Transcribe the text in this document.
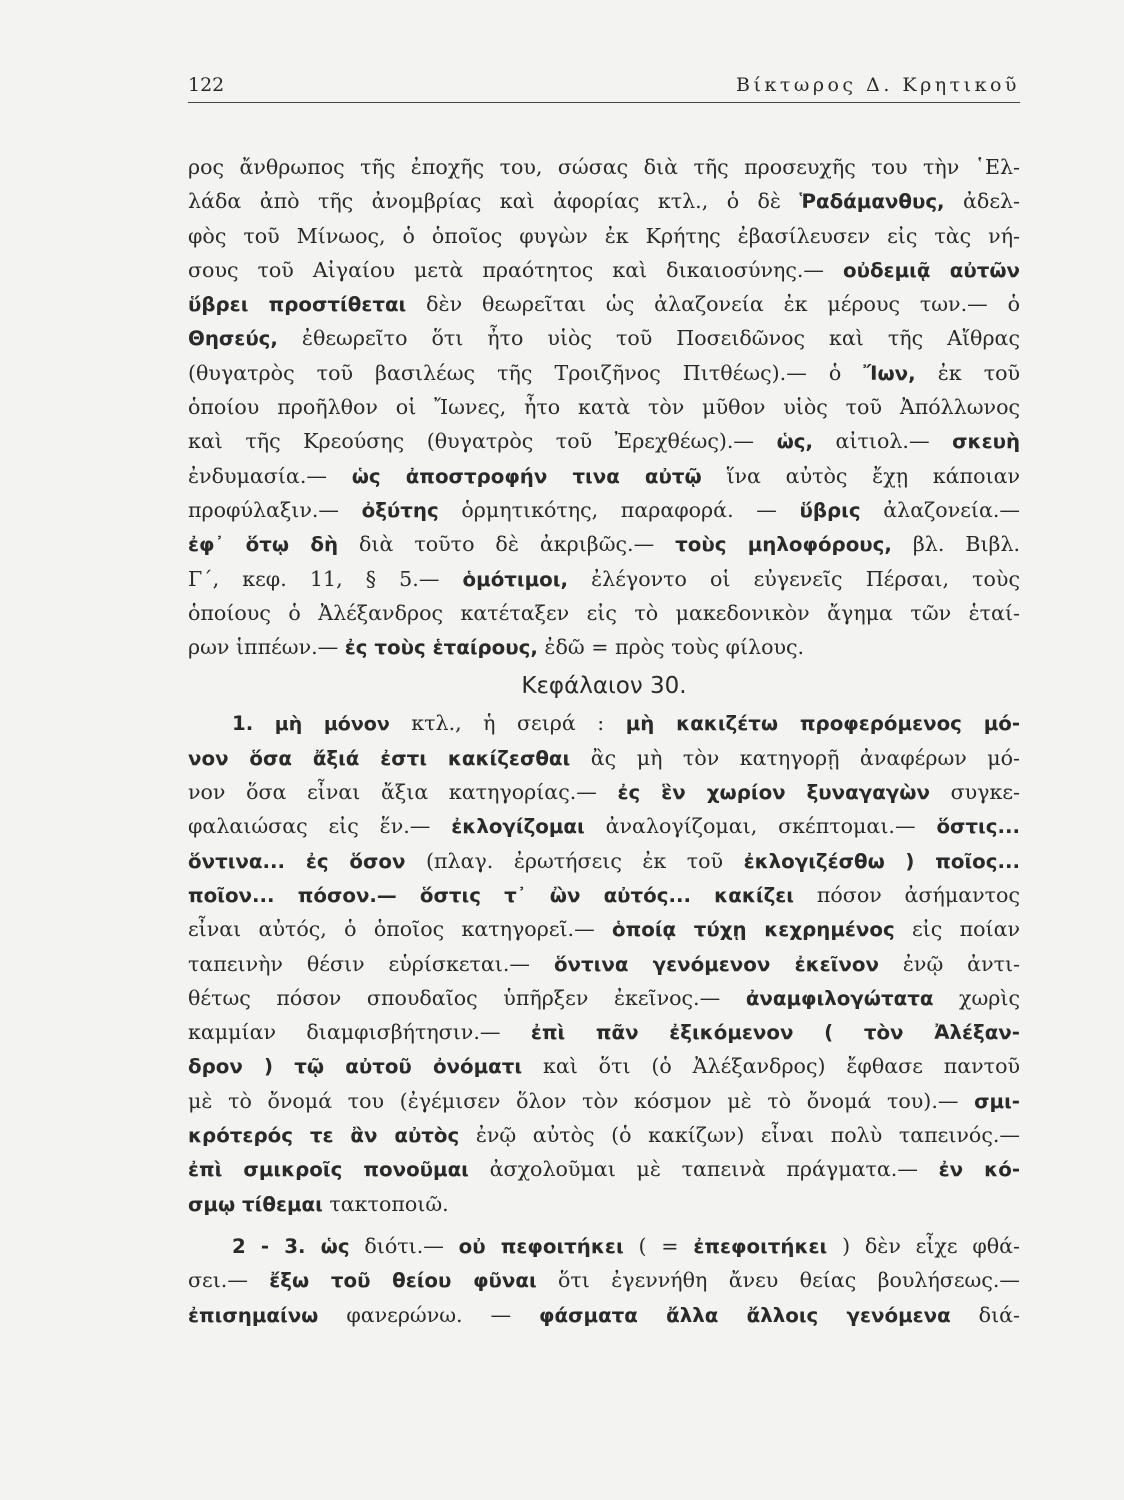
122	Βίκτωρος Δ. Κρητικοῦ
ρος ἄνθρωπος τῆς ἐποχῆς του, σώσας διὰ τῆς προσευχῆς του τὴν ῾Ελ-
λάδα ἀπὸ τῆς ἀνομβρίας καὶ ἀφορίας κτλ., ὁ δὲ Ῥαδάμανθυς, ἀδελ-
φὸς τοῦ Μίνωος, ὁ ὁποῖος φυγὼν ἐκ Κρήτης ἐβασίλευσεν εἰς τὰς νή-
σους τοῦ Αἰγαίου μετὰ πραότητος καὶ δικαιοσύνης.— οὐδεμιᾷ αὐτῶν
ὕβρει προστίθεται δὲν θεωρεῖται ὡς ἀλαζονεία ἐκ μέρους των.— ὁ
Θησεύς, ἐθεωρεῖτο ὅτι ἦτο υἱὸς τοῦ Ποσειδῶνος καὶ τῆς Αἴθρας
(θυγατρὸς τοῦ βασιλέως τῆς Τροιζῆνος Πιτθέως).— ὁ Ἴων, ἐκ τοῦ
ὁποίου προῆλθον οἱ Ἴωνες, ἦτο κατὰ τὸν μῦθον υἱὸς τοῦ Ἀπόλλωνος
καὶ τῆς Κρεούσης (θυγατρὸς τοῦ Ἐρεχθέως).— ὡς, αἰτιολ.— σκευὴ
ἐνδυμασία.— ὡς ἀποστροφήν τινα αὐτῷ ἵνα αὐτὸς ἔχῃ κάποιαν
προφύλαξιν.— ὀξύτης ὁρμητικότης, παραφορά. — ὕβρις ἀλαζονεία.—
ἐφ᾿ ὅτῳ δὴ διὰ τοῦτο δὲ ἀκριβῶς.— τοὺς μηλοφόρους, βλ. Βιβλ.
Γ΄, κεφ. 11, § 5.— ὁμότιμοι, ἐλέγοντο οἱ εὐγενεῖς Πέρσαι, τοὺς
ὁποίους ὁ Ἀλέξανδρος κατέταξεν εἰς τὸ μακεδονικὸν ἄγημα τῶν ἑταί-
ρων ἱππέων.— ἐς τοὺς ἑταίρους, ἐδῶ = πρὸς τοὺς φίλους.
Κεφάλαιον 30.
1. μὴ μόνον κτλ., ἡ σειρά : μὴ κακιζέτω προφερόμενος μό-
νον ὅσα ἄξιά ἐστι κακίζεσθαι ἂς μὴ τὸν κατηγορῇ ἀναφέρων μό-
νον ὅσα εἶναι ἄξια κατηγορίας.— ἐς ἓν χωρίον ξυναγαγὼν συγκε-
φαλαιώσας εἰς ἕν.— ἐκλογίζομαι ἀναλογίζομαι, σκέπτομαι.— ὅστις...
ὅντινα... ἐς ὅσον (πλαγ. ἐρωτήσεις ἐκ τοῦ ἐκλογιζέσθω ) ποῖος...
ποῖον... πόσον.— ὅστις τ᾿ ὢν αὐτός... κακίζει πόσον ἀσήμαντος
εἶναι αὐτός, ὁ ὁποῖος κατηγορεῖ.— ὁποίᾳ τύχῃ κεχρημένος εἰς ποίαν
ταπεινὴν θέσιν εὑρίσκεται.— ὅντινα γενόμενον ἐκεῖνον ἐνῷ ἀντι-
θέτως πόσον σπουδαῖος ὑπῆρξεν ἐκεῖνος.— ἀναμφιλογώτατα χωρὶς
καμμίαν διαμφισβήτησιν.— ἐπὶ πᾶν ἐξικόμενον ( τὸν Ἀλέξαν-
δρον ) τῷ αὐτοῦ ὀνόματι καὶ ὅτι (ὁ Ἀλέξανδρος) ἔφθασε παντοῦ
μὲ τὸ ὄνομά του (ἐγέμισεν ὅλον τὸν κόσμον μὲ τὸ ὄνομά του).— σμι-
κρότερός τε ἂν αὐτὸς ἐνῷ αὐτὸς (ὁ κακίζων) εἶναι πολὺ ταπεινός.—
ἐπὶ σμικροῖς πονοῦμαι ἀσχολοῦμαι μὲ ταπεινὰ πράγματα.— ἐν κό-
σμῳ τίθεμαι τακτοποιῶ.
2 - 3. ὡς διότι.— οὐ πεφοιτήκει ( = ἐπεφοιτήκει ) δὲν εἶχε φθά-
σει.— ἔξω τοῦ θείου φῦναι ὅτι ἐγεννήθη ἄνευ θείας βουλήσεως.—
ἐπισημαίνω φανερώνω. — φάσματα ἄλλα ἄλλοις γενόμενα διά-
